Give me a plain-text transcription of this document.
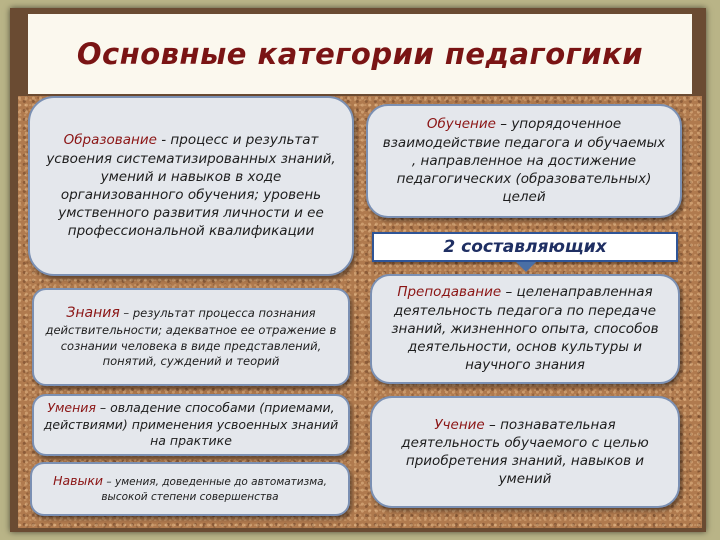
Основные категории педагогики
Образование - процесс и результат усвоения систематизированных знаний, умений и навыков в ходе организованного обучения; уровень умственного развития личности и ее профессиональной квалификации
Обучение – упорядоченное взаимодействие педагога и обучаемых , направленное на достижение педагогических (образовательных) целей
2 составляющих
Знания – результат процесса познания действительности; адекватное ее отражение в сознании человека в виде представлений, понятий, суждений и теорий
Преподавание – целенаправленная деятельность педагога по передаче знаний, жизненного опыта, способов деятельности, основ культуры и научного знания
Умения – овладение способами (приемами, действиями) применения усвоенных знаний на практике
Учение – познавательная деятельность обучаемого с целью приобретения знаний, навыков и умений
Навыки – умения, доведенные до автоматизма, высокой степени совершенства
